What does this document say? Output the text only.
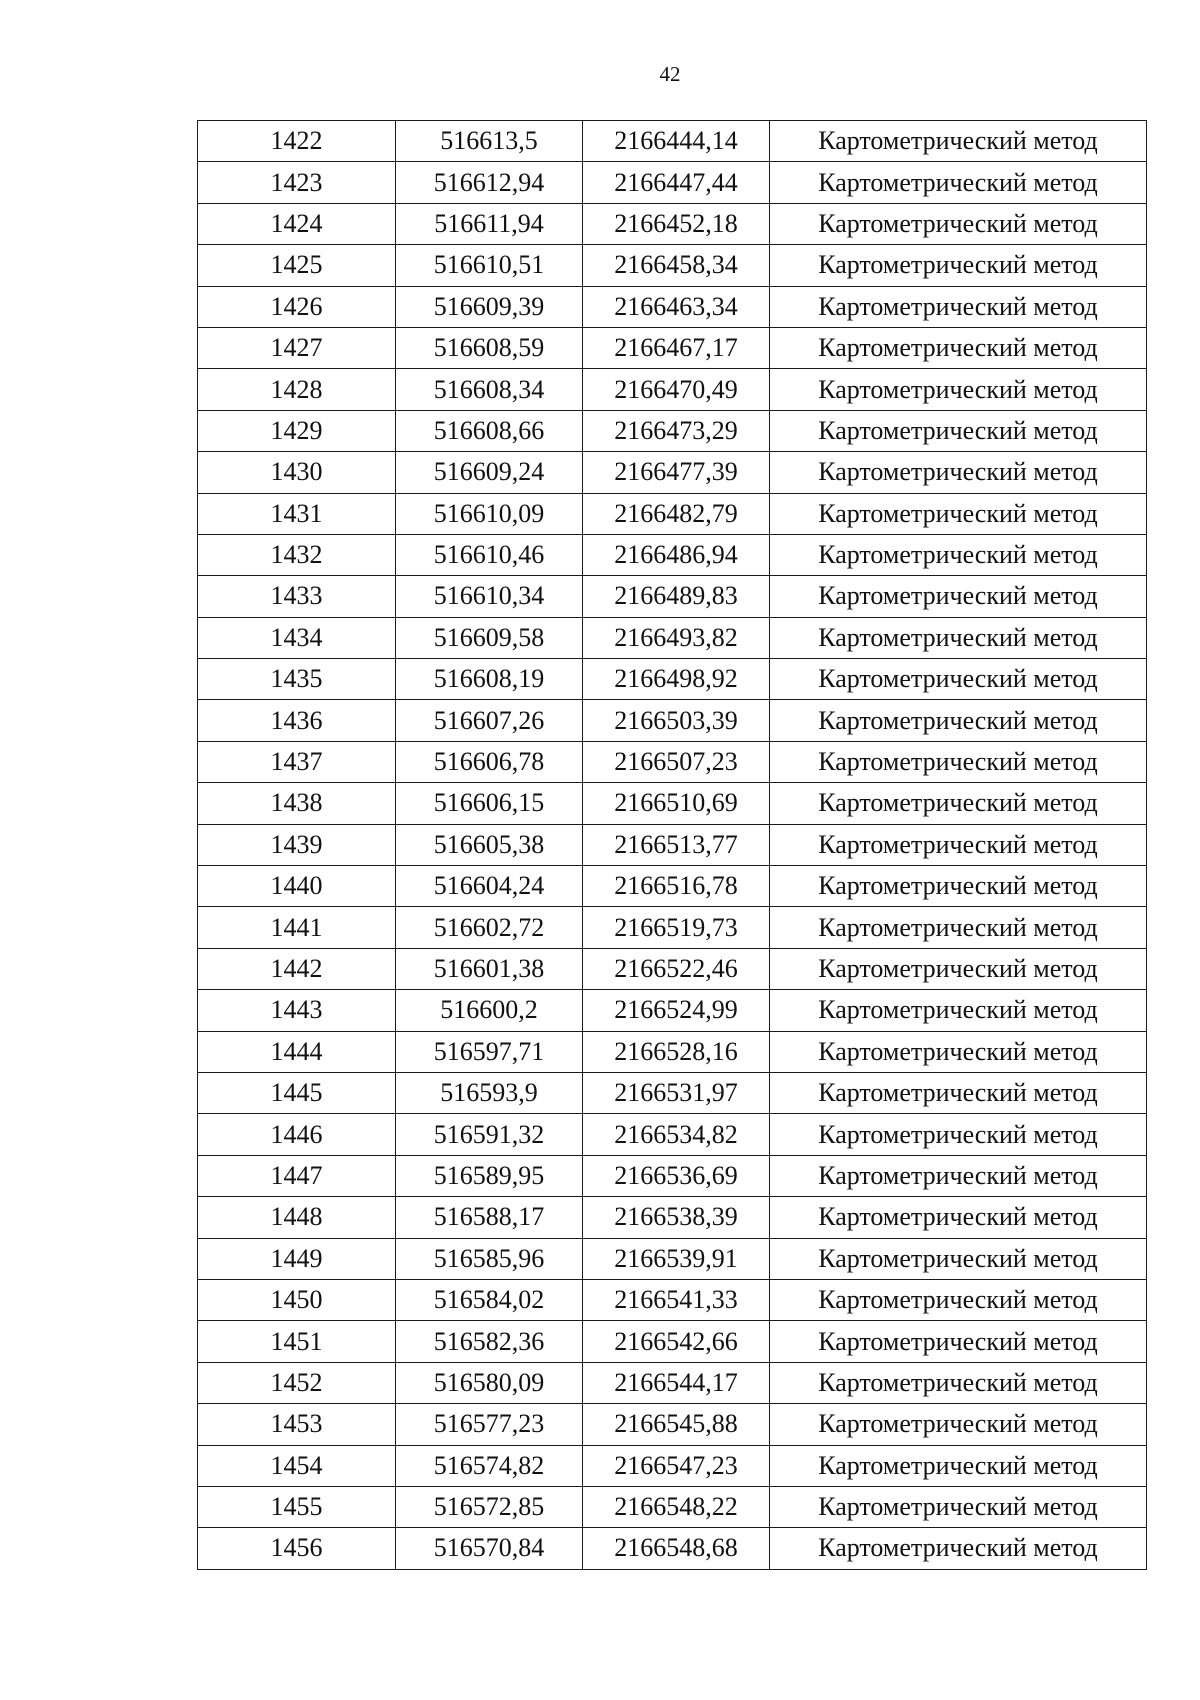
42
1422	516613,5	2166444,14	Картометрический метод
1423	516612,94	2166447,44	Картометрический метод
1424	516611,94	2166452,18	Картометрический метод
1425	516610,51	2166458,34	Картометрический метод
1426	516609,39	2166463,34	Картометрический метод
1427	516608,59	2166467,17	Картометрический метод
1428	516608,34	2166470,49	Картометрический метод
1429	516608,66	2166473,29	Картометрический метод
1430	516609,24	2166477,39	Картометрический метод
1431	516610,09	2166482,79	Картометрический метод
1432	516610,46	2166486,94	Картометрический метод
1433	516610,34	2166489,83	Картометрический метод
1434	516609,58	2166493,82	Картометрический метод
1435	516608,19	2166498,92	Картометрический метод
1436	516607,26	2166503,39	Картометрический метод
1437	516606,78	2166507,23	Картометрический метод
1438	516606,15	2166510,69	Картометрический метод
1439	516605,38	2166513,77	Картометрический метод
1440	516604,24	2166516,78	Картометрический метод
1441	516602,72	2166519,73	Картометрический метод
1442	516601,38	2166522,46	Картометрический метод
1443	516600,2	2166524,99	Картометрический метод
1444	516597,71	2166528,16	Картометрический метод
1445	516593,9	2166531,97	Картометрический метод
1446	516591,32	2166534,82	Картометрический метод
1447	516589,95	2166536,69	Картометрический метод
1448	516588,17	2166538,39	Картометрический метод
1449	516585,96	2166539,91	Картометрический метод
1450	516584,02	2166541,33	Картометрический метод
1451	516582,36	2166542,66	Картометрический метод
1452	516580,09	2166544,17	Картометрический метод
1453	516577,23	2166545,88	Картометрический метод
1454	516574,82	2166547,23	Картометрический метод
1455	516572,85	2166548,22	Картометрический метод
1456	516570,84	2166548,68	Картометрический метод
